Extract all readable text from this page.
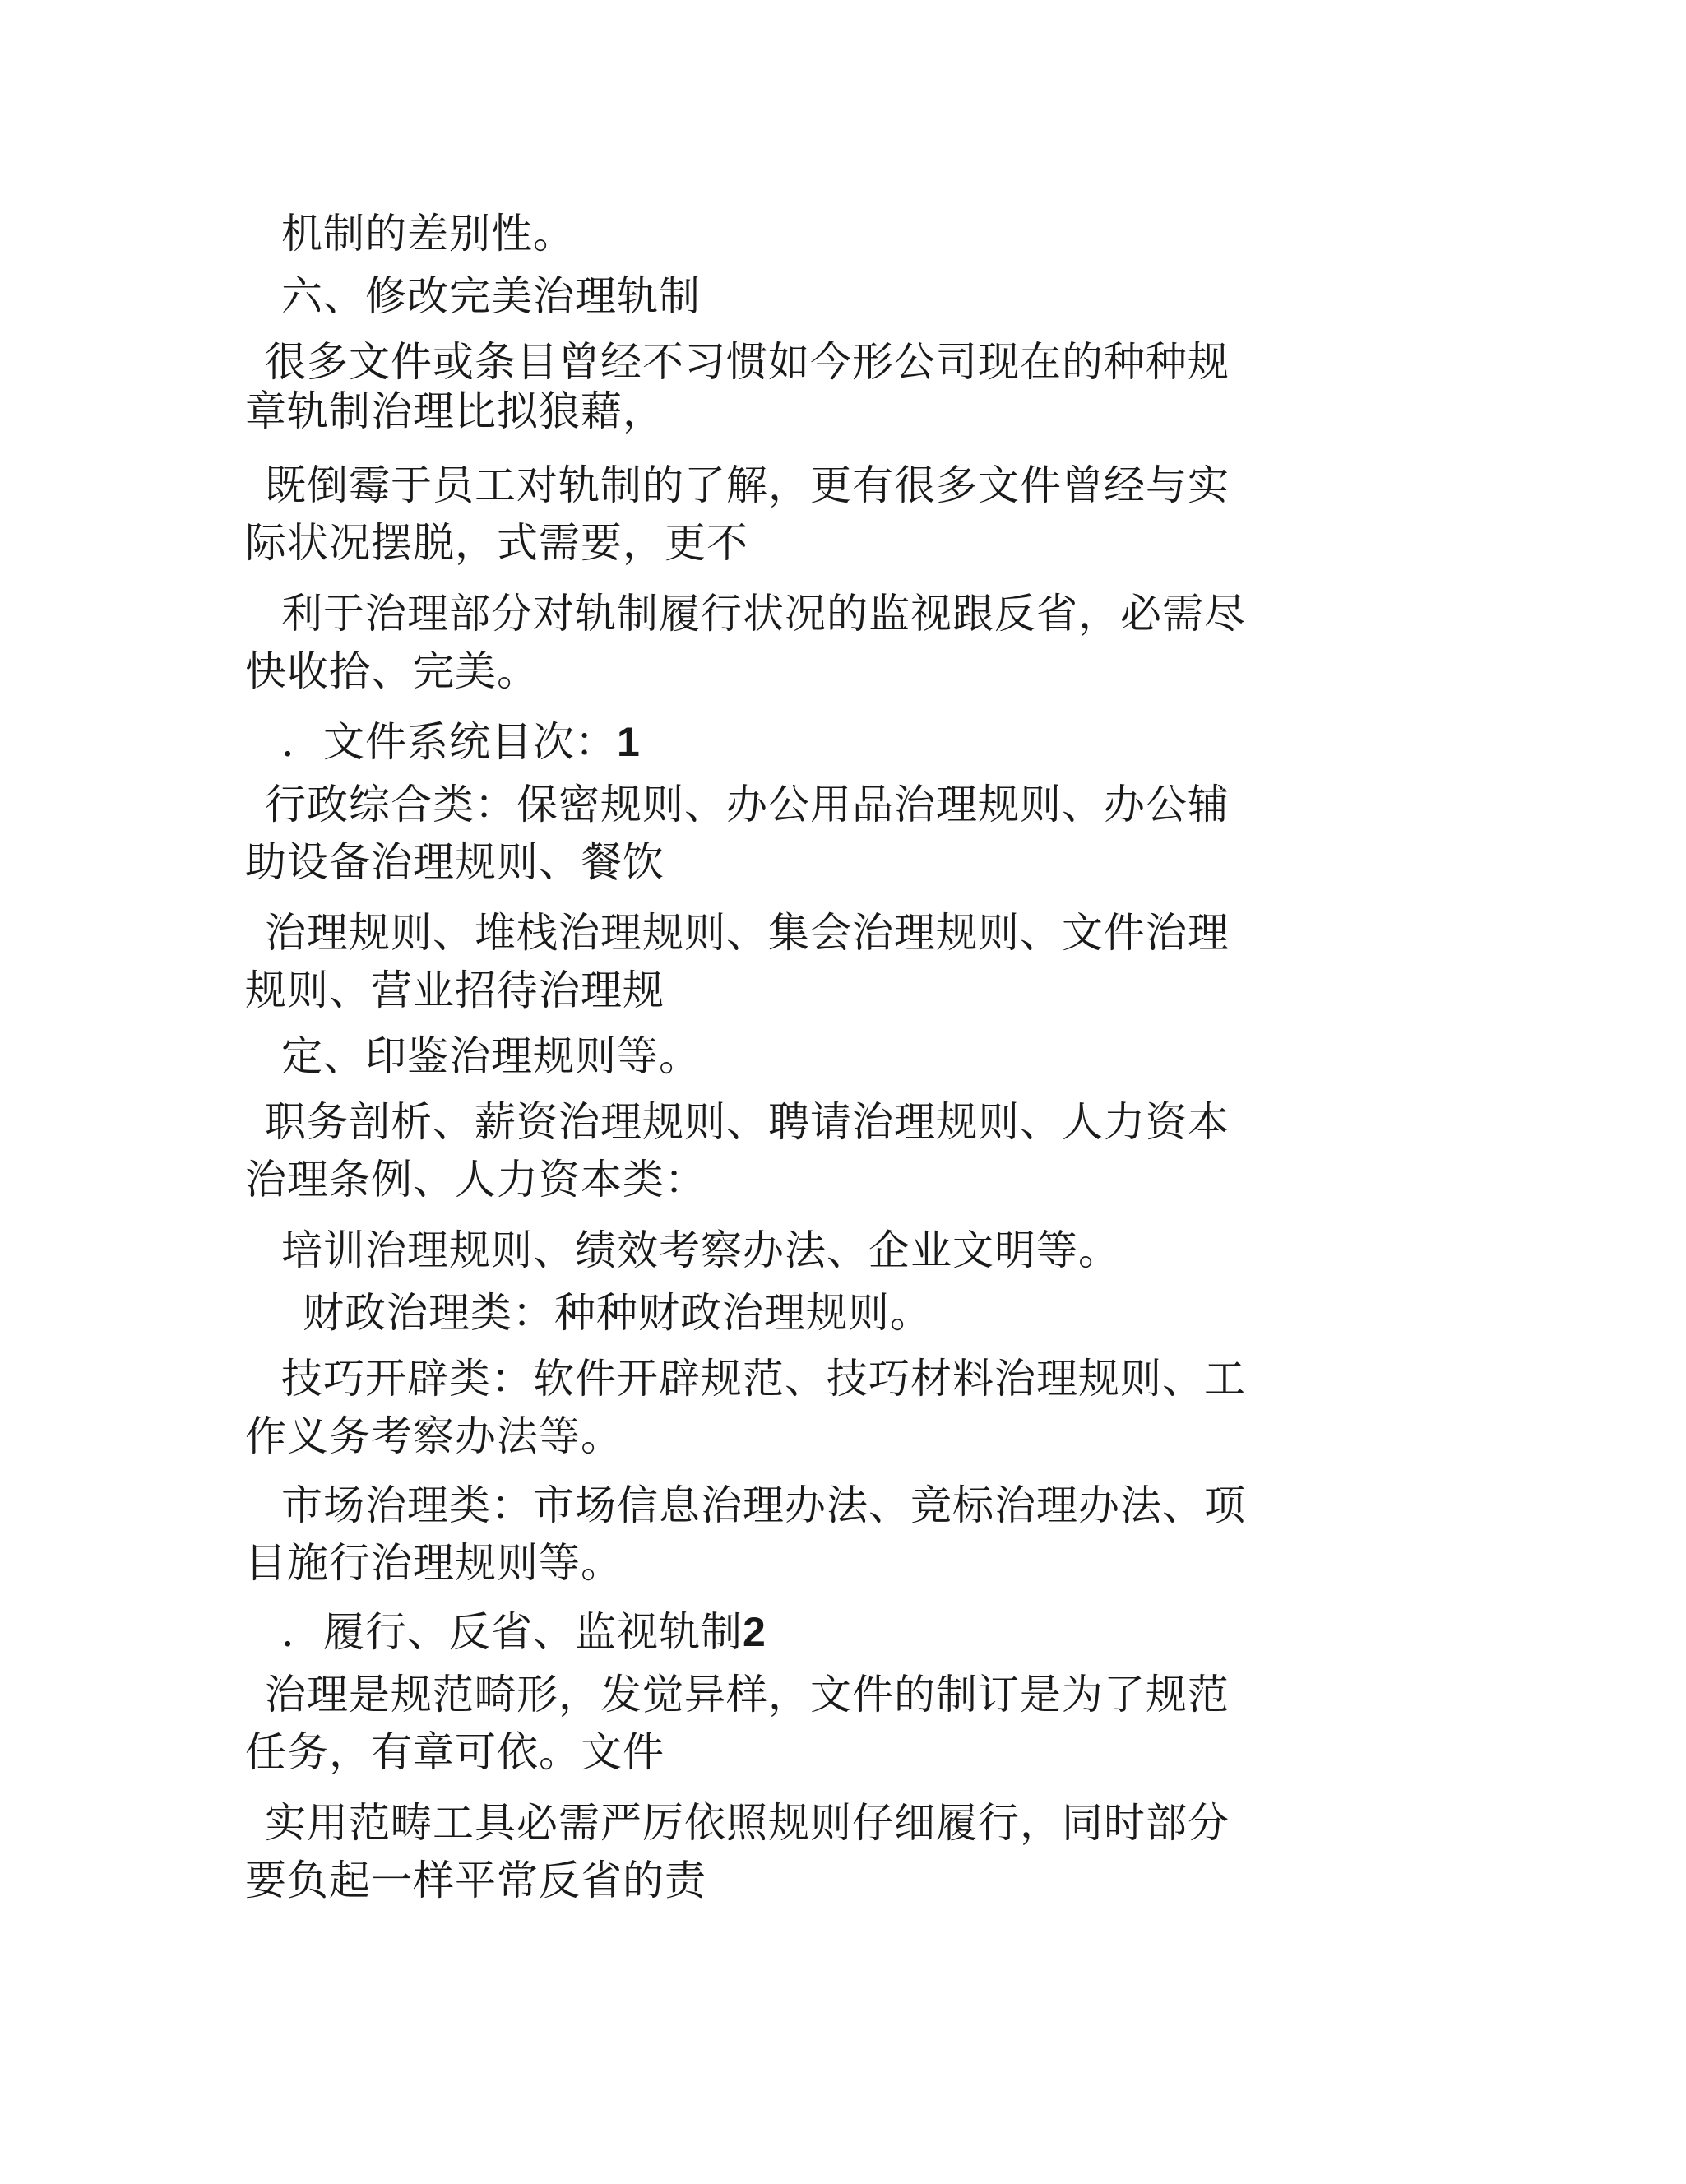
机制的差别性。
六、修改完美治理轨制
很多文件或条目曾经不习惯如今形公司现在的种种规
章轨制治理比拟狼藉，
既倒霉于员工对轨制的了解，更有很多文件曾经与实
际状况摆脱，式需要，更不
利于治理部分对轨制履行状况的监视跟反省，必需尽
快收拾、完美。
．文件系统目次：1
行政综合类：保密规则、办公用品治理规则、办公辅
助设备治理规则、餐饮
治理规则、堆栈治理规则、集会治理规则、文件治理
规则、营业招待治理规
定、印鉴治理规则等。
职务剖析、薪资治理规则、聘请治理规则、人力资本
治理条例、人力资本类：
培训治理规则、绩效考察办法、企业文明等。
财政治理类：种种财政治理规则。
技巧开辟类：软件开辟规范、技巧材料治理规则、工
作义务考察办法等。
市场治理类：市场信息治理办法、竞标治理办法、项
目施行治理规则等。
．履行、反省、监视轨制2
治理是规范畸形，发觉异样，文件的制订是为了规范
任务，有章可依。文件
实用范畴工具必需严厉依照规则仔细履行，同时部分
要负起一样平常反省的责
